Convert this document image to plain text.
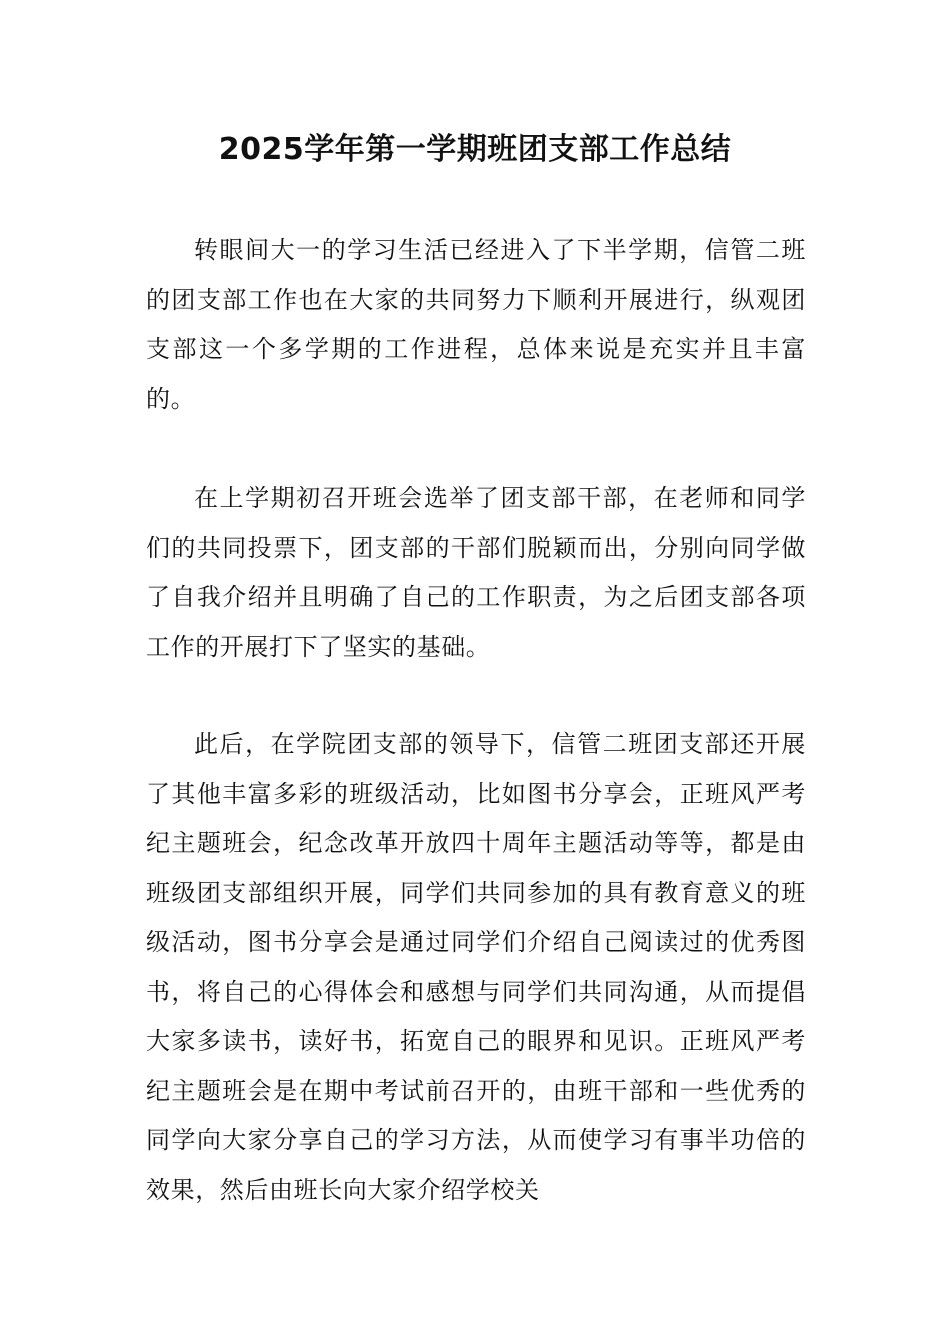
2025学年第一学期班团支部工作总结

转眼间大一的学习生活已经进入了下半学期，信管二班的团支部工作也在大家的共同努力下顺利开展进行，纵观团支部这一个多学期的工作进程，总体来说是充实并且丰富的。

在上学期初召开班会选举了团支部干部，在老师和同学们的共同投票下，团支部的干部们脱颖而出，分别向同学做了自我介绍并且明确了自己的工作职责，为之后团支部各项工作的开展打下了坚实的基础。

此后，在学院团支部的领导下，信管二班团支部还开展了其他丰富多彩的班级活动，比如图书分享会，正班风严考纪主题班会，纪念改革开放四十周年主题活动等等，都是由班级团支部组织开展，同学们共同参加的具有教育意义的班级活动，图书分享会是通过同学们介绍自己阅读过的优秀图书，将自己的心得体会和感想与同学们共同沟通，从而提倡大家多读书，读好书，拓宽自己的眼界和见识。正班风严考纪主题班会是在期中考试前召开的，由班干部和一些优秀的同学向大家分享自己的学习方法，从而使学习有事半功倍的效果，然后由班长向大家介绍学校关
